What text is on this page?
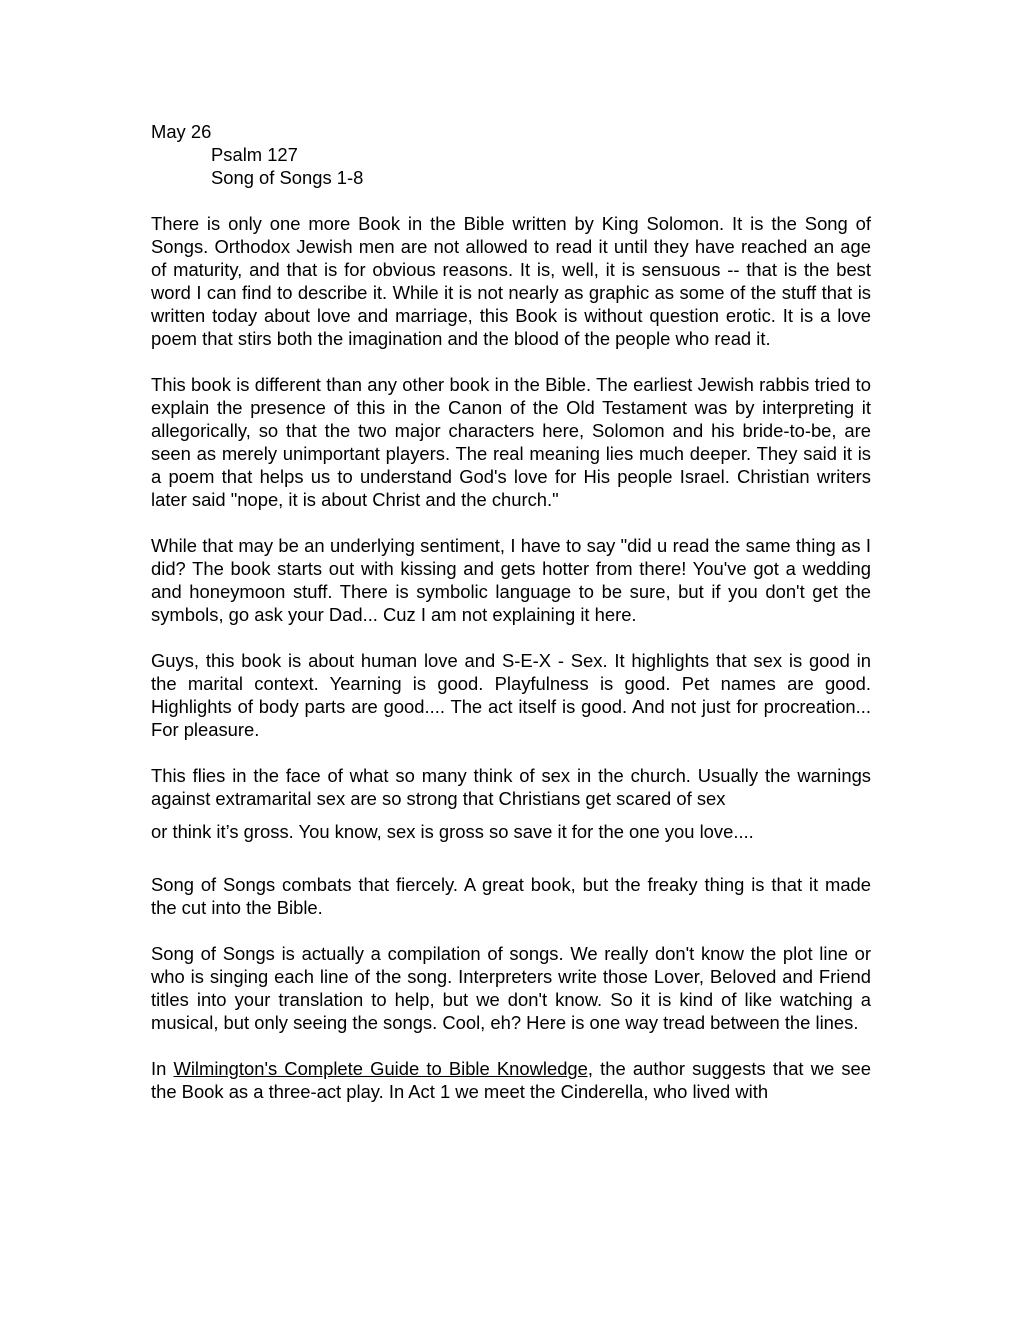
May 26
Psalm 127
Song of Songs 1-8

There is only one more Book in the Bible written by King Solomon. It is the Song of Songs. Orthodox Jewish men are not allowed to read it until they have reached an age of maturity, and that is for obvious reasons. It is, well, it is sensuous -- that is the best word I can find to describe it. While it is not nearly as graphic as some of the stuff that is written today about love and marriage, this Book is without question erotic. It is a love poem that stirs both the imagination and the blood of the people who read it.

This book is different than any other book in the Bible. The earliest Jewish rabbis tried to explain the presence of this in the Canon of the Old Testament was by interpreting it allegorically, so that the two major characters here, Solomon and his bride-to-be, are seen as merely unimportant players. The real meaning lies much deeper. They said it is a poem that helps us to understand God's love for His people Israel. Christian writers later said "nope, it is about Christ and the church."

While that may be an underlying sentiment, I have to say "did u read the same thing as I did? The book starts out with kissing and gets hotter from there! You've got a wedding and honeymoon stuff. There is symbolic language to be sure, but if you don't get the symbols, go ask your Dad... Cuz I am not explaining it here.

Guys, this book is about human love and S-E-X - Sex. It highlights that sex is good in the marital context. Yearning is good. Playfulness is good. Pet names are good. Highlights of body parts are good.... The act itself is good. And not just for procreation... For pleasure.

This flies in the face of what so many think of sex in the church. Usually the warnings against extramarital sex are so strong that Christians get scared of sex
or think it’s gross. You know, sex is gross so save it for the one you love....

Song of Songs combats that fiercely. A great book, but the freaky thing is that it made the cut into the Bible.

Song of Songs is actually a compilation of songs. We really don't know the plot line or who is singing each line of the song. Interpreters write those Lover, Beloved and Friend titles into your translation to help, but we don't know. So it is kind of like watching a musical, but only seeing the songs. Cool, eh? Here is one way tread between the lines.

In Wilmington's Complete Guide to Bible Knowledge, the author suggests that we see the Book as a three-act play. In Act 1 we meet the Cinderella, who lived with
